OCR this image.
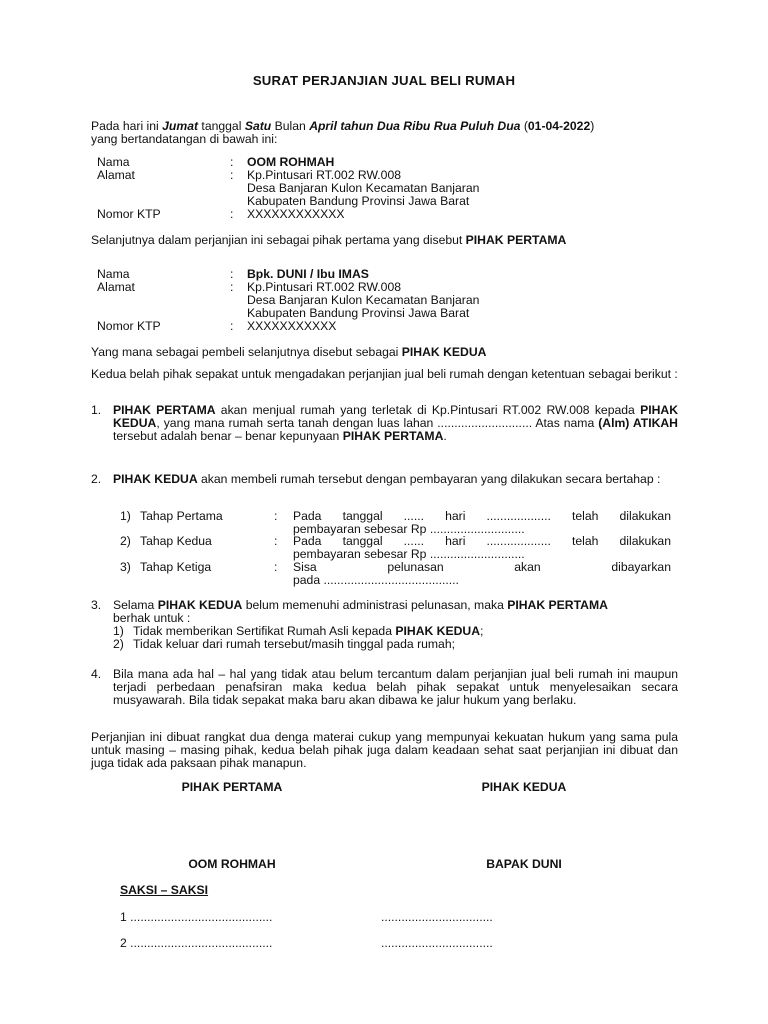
SURAT PERJANJIAN JUAL BELI RUMAH
Pada hari ini Jumat tanggal Satu Bulan April tahun Dua Ribu Rua Puluh Dua (01-04-2022)
yang bertandatangan di bawah ini:
Nama	: OOM ROHMAH
Alamat	: Kp.Pintusari RT.002 RW.008
Desa Banjaran Kulon Kecamatan Banjaran
Kabupaten Bandung Provinsi Jawa Barat
Nomor KTP	: XXXXXXXXXXXX
Selanjutnya dalam perjanjian ini sebagai pihak pertama yang disebut PIHAK PERTAMA
Nama	: Bpk. DUNI / Ibu IMAS
Alamat	: Kp.Pintusari RT.002 RW.008
Desa Banjaran Kulon Kecamatan Banjaran
Kabupaten Bandung Provinsi Jawa Barat
Nomor KTP	: XXXXXXXXXXX
Yang mana sebagai pembeli selanjutnya disebut sebagai PIHAK KEDUA
Kedua belah pihak sepakat untuk mengadakan perjanjian jual beli rumah dengan ketentuan sebagai berikut :
1. PIHAK PERTAMA akan menjual rumah yang terletak di Kp.Pintusari RT.002 RW.008 kepada PIHAK KEDUA, yang mana rumah serta tanah dengan luas lahan ............................ Atas nama (Alm) ATIKAH tersebut adalah benar – benar kepunyaan PIHAK PERTAMA.
2. PIHAK KEDUA akan membeli rumah tersebut dengan pembayaran yang dilakukan secara bertahap :
1) Tahap Pertama	: Pada tanggal ...... hari ................... telah dilakukan
pembayaran sebesar Rp ............................
2) Tahap Kedua	: Pada tanggal ...... hari ................... telah dilakukan
pembayaran sebesar Rp ............................
3) Tahap Ketiga	: Sisa pelunasan akan dibayarkan
pada ........................................
3. Selama PIHAK KEDUA belum memenuhi administrasi pelunasan, maka PIHAK PERTAMA
berhak untuk :
1) Tidak memberikan Sertifikat Rumah Asli kepada PIHAK KEDUA;
2) Tidak keluar dari rumah tersebut/masih tinggal pada rumah;
4. Bila mana ada hal – hal yang tidak atau belum tercantum dalam perjanjian jual beli rumah ini maupun terjadi perbedaan penafsiran maka kedua belah pihak sepakat untuk menyelesaikan secara musyawarah. Bila tidak sepakat maka baru akan dibawa ke jalur hukum yang berlaku.
Perjanjian ini dibuat rangkat dua denga materai cukup yang mempunyai kekuatan hukum yang sama pula untuk masing – masing pihak, kedua belah pihak juga dalam keadaan sehat saat perjanjian ini dibuat dan juga tidak ada paksaan pihak manapun.
PIHAK PERTAMA	PIHAK KEDUA
OOM ROHMAH	BAPAK DUNI
SAKSI – SAKSI
1 ..........................................	.................................
2 ..........................................	.................................
